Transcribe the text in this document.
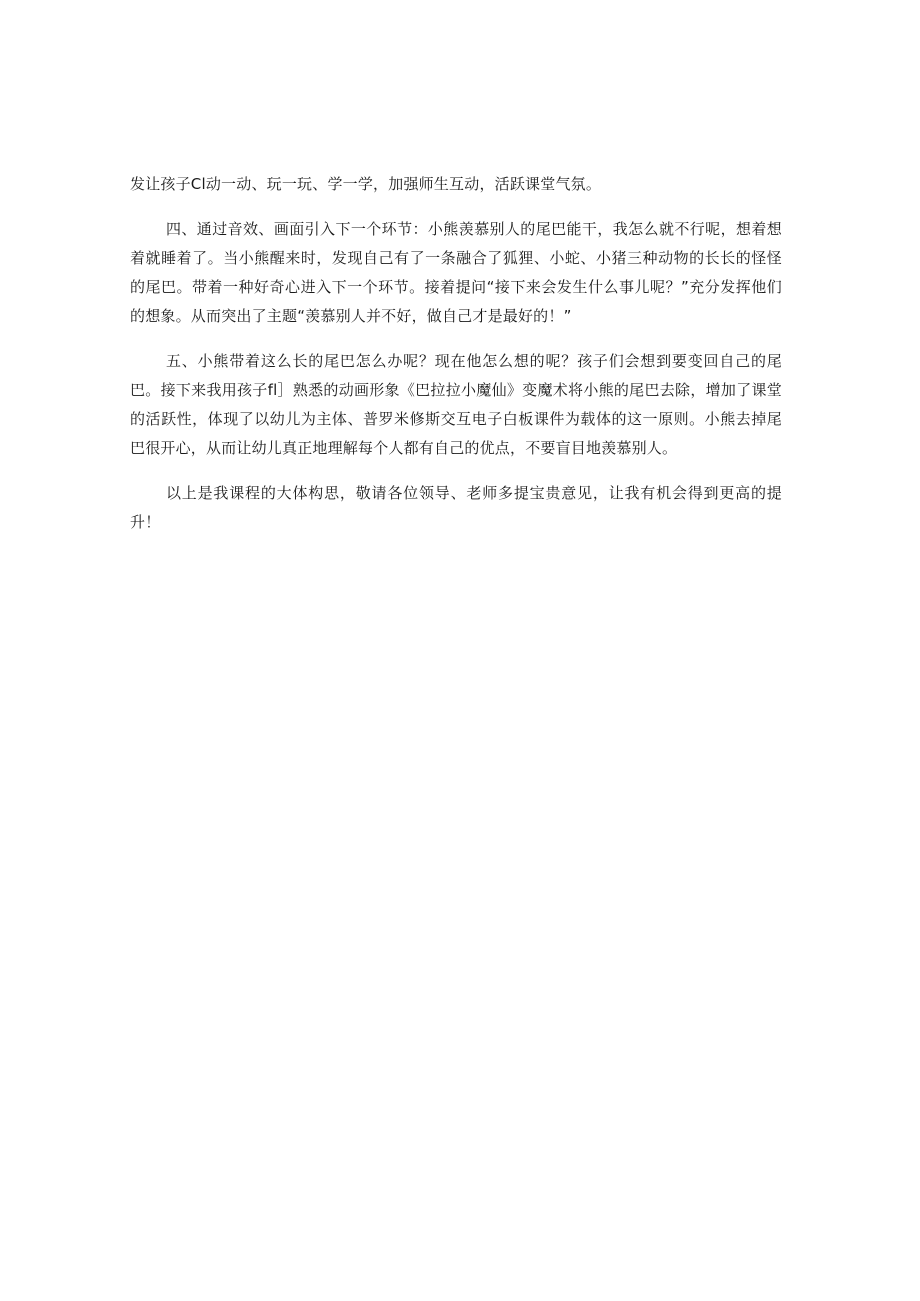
发让孩子Cl动一动、玩一玩、学一学，加强师生互动，活跃课堂气氛。

四、通过音效、画面引入下一个环节：小熊羡慕别人的尾巴能干，我怎么就不行呢，想着想着就睡着了。当小熊醒来时，发现自己有了一条融合了狐狸、小蛇、小猪三种动物的长长的怪怪的尾巴。带着一种好奇心进入下一个环节。接着提问“接下来会发生什么事儿呢？”充分发挥他们的想象。从而突出了主题“羡慕别人并不好，做自己才是最好的！”

五、小熊带着这么长的尾巴怎么办呢？现在他怎么想的呢？孩子们会想到要变回自己的尾巴。接下来我用孩子fl］熟悉的动画形象《巴拉拉小魔仙》变魔术将小熊的尾巴去除，增加了课堂的活跃性，体现了以幼儿为主体、普罗米修斯交互电子白板课件为载体的这一原则。小熊去掉尾巴很开心，从而让幼儿真正地理解每个人都有自己的优点，不要盲目地羡慕别人。

以上是我课程的大体构思，敬请各位领导、老师多提宝贵意见，让我有机会得到更高的提升！
